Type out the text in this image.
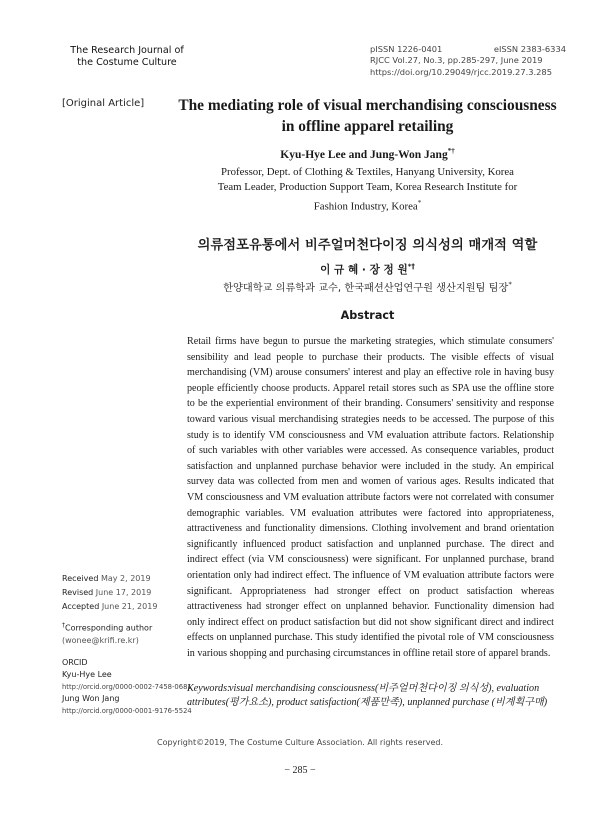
The Research Journal of
the Costume Culture
pISSN 1226-0401	eISSN 2383-6334
RJCC Vol.27, No.3, pp.285-297, June 2019
https://doi.org/10.29049/rjcc.2019.27.3.285
[Original Article] The mediating role of visual merchandising consciousness
in offline apparel retailing
Kyu-Hye Lee and Jung-Won Jang*†
Professor, Dept. of Clothing & Textiles, Hanyang University, Korea
Team Leader, Production Support Team, Korea Research Institute for
Fashion Industry, Korea*
의류점포유통에서 비주얼머천다이징 의식성의 매개적 역할
이 규 혜 · 장 정 원*†
한양대학교 의류학과 교수, 한국패션산업연구원 생산지원팀 팀장*
Abstract
Retail firms have begun to pursue the marketing strategies, which stimulate consumers' sensibility and lead people to purchase their products. The visible effects of visual merchandising (VM) arouse consumers' interest and play an effective role in having busy people efficiently choose products. Apparel retail stores such as SPA use the offline store to be the experiential environment of their branding. Consumers' sensitivity and response toward various visual merchandising strategies needs to be accessed. The purpose of this study is to identify VM consciousness and VM evaluation attribute factors. Relationship of such variables with other variables were accessed. As consequence variables, product satisfaction and unplanned purchase behavior were included in the study. An empirical survey data was collected from men and women of various ages. Results indicated that VM consciousness and VM evaluation attribute factors were not correlated with consumer demographic variables. VM evaluation attributes were factored into appropriateness, attractiveness and functionality dimensions. Clothing involvement and brand orientation significantly influenced product satisfaction and unplanned purchase. The direct and indirect effect (via VM consciousness) were significant. For unplanned purchase, brand orientation only had indirect effect. The influence of VM evaluation attribute factors were significant. Appropriateness had stronger effect on product satisfaction whereas attractiveness had stronger effect on unplanned behavior. Functionality dimension had only indirect effect on product satisfaction but did not show significant direct and indirect effects on unplanned purchase. This study identified the pivotal role of VM consciousness in various shopping and purchasing circumstances in offline retail store of apparel brands.
Keywords:visual merchandising consciousness(비주얼머천다이징 의식성), evaluation attributes(평가요소), product satisfaction(제품만족), unplanned purchase (비계획구매)
Received May 2, 2019
Revised June 17, 2019
Accepted June 21, 2019
†Corresponding author
(wonee@krifi.re.kr)
ORCID
Kyu-Hye Lee
http://orcid.org/0000-0002-7458-0681
Jung Won Jang
http://orcid.org/0000-0001-9176-5524
Copyright©2019, The Costume Culture Association. All rights reserved.
− 285 −
